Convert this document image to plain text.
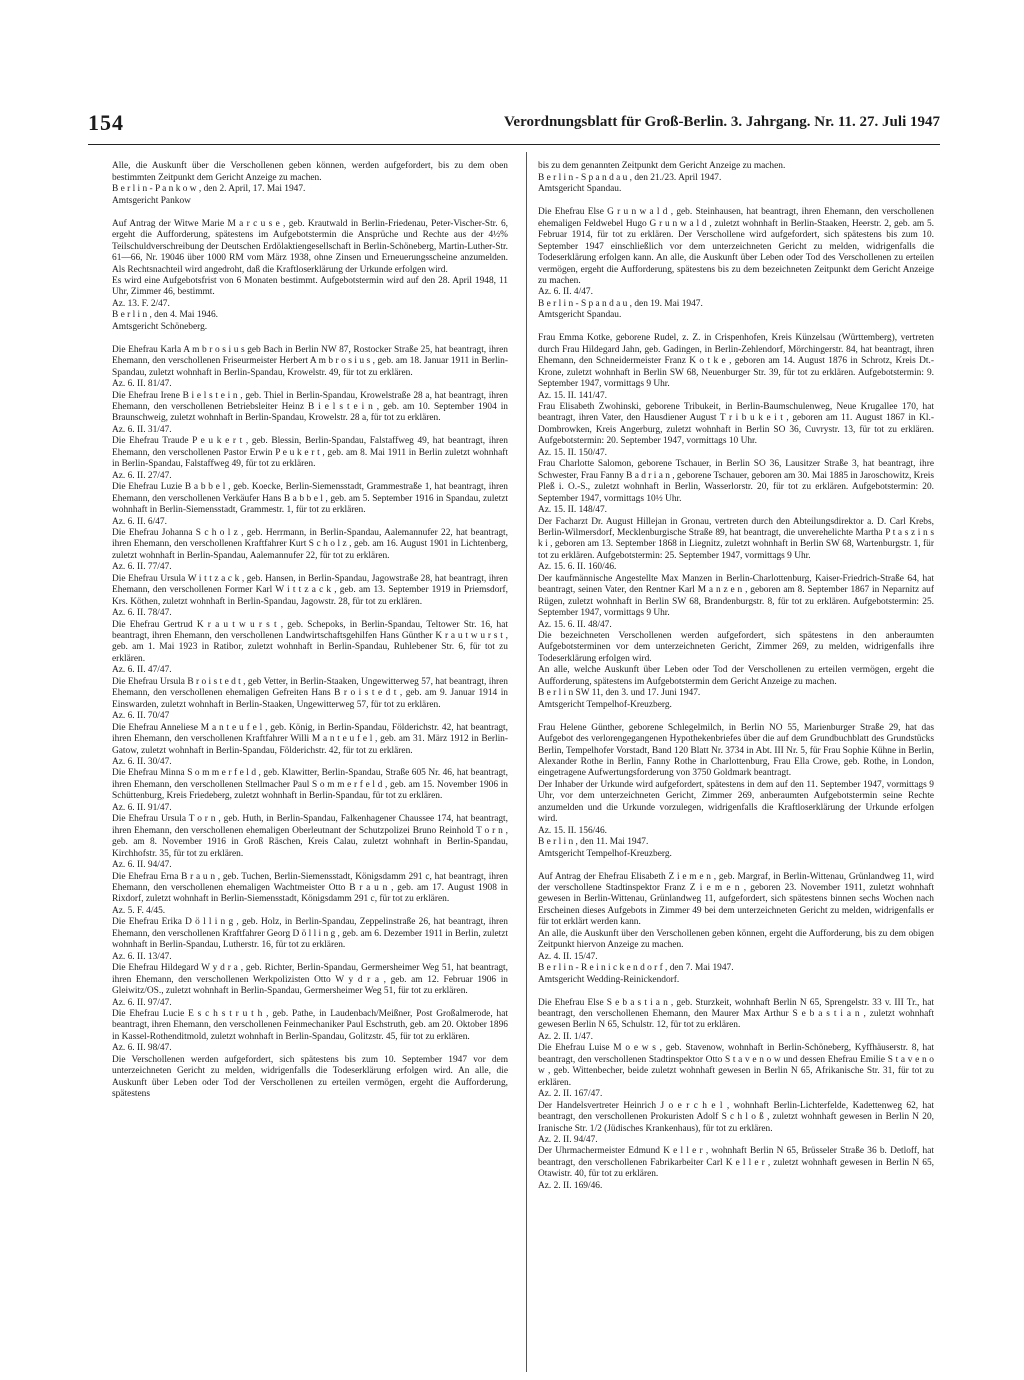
154	Verordnungsblatt für Groß-Berlin. 3. Jahrgang. Nr. 11. 27. Juli 1947

Alle, die Auskunft über die Verschollenen geben können, werden aufgefordert, bis zu dem oben bestimmten Zeitpunkt dem Gericht Anzeige zu machen.
B e r l i n - P a n k o w , den 2. April, 17. Mai 1947.
Amtsgericht Pankow

Auf Antrag der Witwe Marie M a r c u s e , geb. Krautwald in Berlin-Friedenau, Peter-Vischer-Str. 6, ergeht die Aufforderung, spätestens im Aufgebotstermin die Ansprüche und Rechte aus der 4½% Teilschuldverschreibung der Deutschen Erdölaktiengesellschaft in Berlin-Schöneberg, Martin-Luther-Str. 61—66, Nr. 19046 über 1000 RM vom März 1938, ohne Zinsen und Erneuerungsscheine anzumelden. Als Rechtsnachteil wird angedroht, daß die Kraftloserklärung der Urkunde erfolgen wird.
Es wird eine Aufgebotsfrist von 6 Monaten bestimmt. Aufgebotstermin wird auf den 28. April 1948, 11 Uhr, Zimmer 46, bestimmt.
Az. 13. F. 2/47.
B e r l i n , den 4. Mai 1946.
Amtsgericht Schöneberg.

Die Ehefrau Karla A m b r o s i u s geb Bach in Berlin NW 87, Rostocker Straße 25, hat beantragt, ihren Ehemann, den verschollenen Friseurmeister Herbert A m b r o s i u s , geb. am 18. Januar 1911 in Berlin-Spandau, zuletzt wohnhaft in Berlin-Spandau, Krowelstr. 49, für tot zu erklären.
Az. 6. II. 81/47.
Die Ehefrau Irene B i e l s t e i n , geb. Thiel in Berlin-Spandau, Krowelstraße 28 a, hat beantragt, ihren Ehemann, den verschollenen Betriebsleiter Heinz B i e l s t e i n , geb. am 10. September 1904 in Braunschweig, zuletzt wohnhaft in Berlin-Spandau, Krowelstr. 28 a, für tot zu erklären.
Az. 6. II. 31/47.
Die Ehefrau Traude P e u k e r t , geb. Blessin, Berlin-Spandau, Falstaffweg 49, hat beantragt, ihren Ehemann, den verschollenen Pastor Erwin P e u k e r t , geb. am 8. Mai 1911 in Berlin zuletzt wohnhaft in Berlin-Spandau, Falstaffweg 49, für tot zu erklären.
Az. 6. II. 27/47.
Die Ehefrau Luzie B a b b e l , geb. Koecke, Berlin-Siemensstadt, Grammestraße 1, hat beantragt, ihren Ehemann, den verschollenen Verkäufer Hans B a b b e l , geb. am 5. September 1916 in Spandau, zuletzt wohnhaft in Berlin-Siemensstadt, Grammestr. 1, für tot zu erklären.
Az. 6. II. 6/47.
Die Ehefrau Johanna S c h o l z , geb. Herrmann, in Berlin-Spandau, Aalemannufer 22, hat beantragt, ihren Ehemann, den verschollenen Kraftfahrer Kurt S c h o l z , geb. am 16. August 1901 in Lichtenberg, zuletzt wohnhaft in Berlin-Spandau, Aalemannufer 22, für tot zu erklären.
Az. 6. II. 77/47.
Die Ehefrau Ursula W i t t z a c k , geb. Hansen, in Berlin-Spandau, Jagowstraße 28, hat beantragt, ihren Ehemann, den verschollenen Former Karl W i t t z a c k , geb. am 13. September 1919 in Priemsdorf, Krs. Köthen, zuletzt wohnhaft in Berlin-Spandau, Jagowstr. 28, für tot zu erklären.
Az. 6. II. 78/47.
Die Ehefrau Gertrud K r a u t w u r s t , geb. Schepoks, in Berlin-Spandau, Teltower Str. 16, hat beantragt, ihren Ehemann, den verschollenen Landwirtschaftsgehilfen Hans Günther K r a u t w u r s t , geb. am 1. Mai 1923 in Ratibor, zuletzt wohnhaft in Berlin-Spandau, Ruhlebener Str. 6, für tot zu erklären.
Az. 6. II. 47/47.
Die Ehefrau Ursula B r o i s t e d t , geb Vetter, in Berlin-Staaken, Ungewitterweg 57, hat beantragt, ihren Ehemann, den verschollenen ehemaligen Gefreiten Hans B r o i s t e d t , geb. am 9. Januar 1914 in Einswarden, zuletzt wohnhaft in Berlin-Staaken, Ungewitterweg 57, für tot zu erklären.
Az. 6. II. 70/47
Die Ehefrau Anneliese M a n t e u f e l , geb. König, in Berlin-Spandau, Földerichstr. 42, hat beantragt, ihren Ehemann, den verschollenen Kraftfahrer Willi M a n t e u f e l , geb. am 31. März 1912 in Berlin-Gatow, zuletzt wohnhaft in Berlin-Spandau, Földerichstr. 42, für tot zu erklären.
Az. 6. II. 30/47.
Die Ehefrau Minna S o m m e r f e l d , geb. Klawitter, Berlin-Spandau, Straße 605 Nr. 46, hat beantragt, ihren Ehemann, den verschollenen Stellmacher Paul S o m m e r f e l d , geb. am 15. November 1906 in Schüttenburg, Kreis Friedeberg, zuletzt wohnhaft in Berlin-Spandau, für tot zu erklären.
Az. 6. II. 91/47.
Die Ehefrau Ursula T o r n , geb. Huth, in Berlin-Spandau, Falkenhagener Chaussee 174, hat beantragt, ihren Ehemann, den verschollenen ehemaligen Oberleutnant der Schutzpolizei Bruno Reinhold T o r n , geb. am 8. November 1916 in Groß Räschen, Kreis Calau, zuletzt wohnhaft in Berlin-Spandau, Kirchhofstr. 35, für tot zu erklären.
Az. 6. II. 94/47.
Die Ehefrau Erna B r a u n , geb. Tuchen, Berlin-Siemensstadt, Königsdamm 291 c, hat beantragt, ihren Ehemann, den verschollenen ehemaligen Wachtmeister Otto B r a u n , geb. am 17. August 1908 in Rixdorf, zuletzt wohnhaft in Berlin-Siemensstadt, Königsdamm 291 c, für tot zu erklären.
Az. 5. F. 4/45.
Die Ehefrau Erika D ö l l i n g , geb. Holz, in Berlin-Spandau, Zeppelinstraße 26, hat beantragt, ihren Ehemann, den verschollenen Kraftfahrer Georg D ö l l i n g , geb. am 6. Dezember 1911 in Berlin, zuletzt wohnhaft in Berlin-Spandau, Lutherstr. 16, für tot zu erklären.
Az. 6. II. 13/47.
Die Ehefrau Hildegard W y d r a , geb. Richter, Berlin-Spandau, Germersheimer Weg 51, hat beantragt, ihren Ehemann, den verschollenen Werkpolizisten Otto W y d r a , geb. am 12. Februar 1906 in Gleiwitz/OS., zuletzt wohnhaft in Berlin-Spandau, Germersheimer Weg 51, für tot zu erklären.
Az. 6. II. 97/47.
Die Ehefrau Lucie E s c h s t r u t h , geb. Pathe, in Laudenbach/Meißner, Post Großalmerode, hat beantragt, ihren Ehemann, den verschollenen Feinmechaniker Paul Eschstruth, geb. am 20. Oktober 1896 in Kassel-Rothenditmold, zuletzt wohnhaft in Berlin-Spandau, Golitzstr. 45, für tot zu erklären.
Az. 6. II. 98/47.
Die Verschollenen werden aufgefordert, sich spätestens bis zum 10. September 1947 vor dem unterzeichneten Gericht zu melden, widrigenfalls die Todeserklärung erfolgen wird. An alle, die Auskunft über Leben oder Tod der Verschollenen zu erteilen vermögen, ergeht die Aufforderung, spätestens

bis zu dem genannten Zeitpunkt dem Gericht Anzeige zu machen.
B e r l i n - S p a n d a u , den 21./23. April 1947.
Amtsgericht Spandau.

Die Ehefrau Else G r u n w a l d , geb. Steinhausen, hat beantragt, ihren Ehemann, den verschollenen ehemaligen Feldwebel Hugo G r u n w a l d , zuletzt wohnhaft in Berlin-Staaken, Heerstr. 2, geb. am 5. Februar 1914, für tot zu erklären. Der Verschollene wird aufgefordert, sich spätestens bis zum 10. September 1947 einschließlich vor dem unterzeichneten Gericht zu melden, widrigenfalls die Todeserklärung erfolgen kann. An alle, die Auskunft über Leben oder Tod des Verschollenen zu erteilen vermögen, ergeht die Aufforderung, spätestens bis zu dem bezeichneten Zeitpunkt dem Gericht Anzeige zu machen.
Az. 6. II. 4/47.
B e r l i n - S p a n d a u , den 19. Mai 1947.
Amtsgericht Spandau.

Frau Emma Kotke, geborene Rudel, z. Z. in Crispenhofen, Kreis Künzelsau (Württemberg), vertreten durch Frau Hildegard Jahn, geb. Gadingen, in Berlin-Zehlendorf, Mörchingerstr. 84, hat beantragt, ihren Ehemann, den Schneidermeister Franz K o t k e , geboren am 14. August 1876 in Schrotz, Kreis Dt.-Krone, zuletzt wohnhaft in Berlin SW 68, Neuenburger Str. 39, für tot zu erklären. Aufgebotstermin: 9. September 1947, vormittags 9 Uhr.
Az. 15. II. 141/47.
Frau Elisabeth Zwohinski, geborene Tribukeit, in Berlin-Baumschulenweg, Neue Krugallee 170, hat beantragt, ihren Vater, den Hausdiener August T r i b u k e i t , geboren am 11. August 1867 in Kl.-Dombrowken, Kreis Angerburg, zuletzt wohnhaft in Berlin SO 36, Cuvrystr. 13, für tot zu erklären. Aufgebotstermin: 20. September 1947, vormittags 10 Uhr.
Az. 15. II. 150/47.
Frau Charlotte Salomon, geborene Tschauer, in Berlin SO 36, Lausitzer Straße 3, hat beantragt, ihre Schwester, Frau Fanny B a d r i a n , geborene Tschauer, geboren am 30. Mai 1885 in Jaroschowitz, Kreis Pleß i. O.-S., zuletzt wohnhaft in Berlin, Wasserlorstr. 20, für tot zu erklären. Aufgebotstermin: 20. September 1947, vormittags 10½ Uhr.
Az. 15. II. 148/47.
Der Facharzt Dr. August Hillejan in Gronau, vertreten durch den Abteilungsdirektor a. D. Carl Krebs, Berlin-Wilmersdorf, Mecklenburgische Straße 89, hat beantragt, die unverehelichte Martha P t a s z i n s k i , geboren am 13. September 1868 in Liegnitz, zuletzt wohnhaft in Berlin SW 68, Wartenburgstr. 1, für tot zu erklären. Aufgebotstermin: 25. September 1947, vormittags 9 Uhr.
Az. 15. 6. II. 160/46.
Der kaufmännische Angestellte Max Manzen in Berlin-Charlottenburg, Kaiser-Friedrich-Straße 64, hat beantragt, seinen Vater, den Rentner Karl M a n z e n , geboren am 8. September 1867 in Neparnitz auf Rügen, zuletzt wohnhaft in Berlin SW 68, Brandenburgstr. 8, für tot zu erklären. Aufgebotstermin: 25. September 1947, vormittags 9 Uhr.
Az. 15. 6. II. 48/47.
Die bezeichneten Verschollenen werden aufgefordert, sich spätestens in den anberaumten Aufgebotsterminen vor dem unterzeichneten Gericht, Zimmer 269, zu melden, widrigenfalls ihre Todeserklärung erfolgen wird.
An alle, welche Auskunft über Leben oder Tod der Verschollenen zu erteilen vermögen, ergeht die Aufforderung, spätestens im Aufgebotstermin dem Gericht Anzeige zu machen.
B e r l i n SW 11, den 3. und 17. Juni 1947.
Amtsgericht Tempelhof-Kreuzberg.

Frau Helene Günther, geborene Schlegelmilch, in Berlin NO 55, Marienburger Straße 29, hat das Aufgebot des verlorengegangenen Hypothekenbriefes über die auf dem Grundbuchblatt des Grundstücks Berlin, Tempelhofer Vorstadt, Band 120 Blatt Nr. 3734 in Abt. III Nr. 5, für Frau Sophie Kühne in Berlin, Alexander Rothe in Berlin, Fanny Rothe in Charlottenburg, Frau Ella Crowe, geb. Rothe, in London, eingetragene Aufwertungsforderung von 3750 Goldmark beantragt.
Der Inhaber der Urkunde wird aufgefordert, spätestens in dem auf den 11. September 1947, vormittags 9 Uhr, vor dem unterzeichneten Gericht, Zimmer 269, anberaumten Aufgebotstermin seine Rechte anzumelden und die Urkunde vorzulegen, widrigenfalls die Kraftloserklärung der Urkunde erfolgen wird.
Az. 15. II. 156/46.
B e r l i n , den 11. Mai 1947.
Amtsgericht Tempelhof-Kreuzberg.

Auf Antrag der Ehefrau Elisabeth Z i e m e n , geb. Margraf, in Berlin-Wittenau, Grünlandweg 11, wird der verschollene Stadtinspektor Franz Z i e m e n , geboren 23. November 1911, zuletzt wohnhaft gewesen in Berlin-Wittenau, Grünlandweg 11, aufgefordert, sich spätestens binnen sechs Wochen nach Erscheinen dieses Aufgebots in Zimmer 49 bei dem unterzeichneten Gericht zu melden, widrigenfalls er für tot erklärt werden kann.
An alle, die Auskunft über den Verschollenen geben können, ergeht die Aufforderung, bis zu dem obigen Zeitpunkt hiervon Anzeige zu machen.
Az. 4. II. 15/47.
B e r l i n - R e i n i c k e n d o r f , den 7. Mai 1947.
Amtsgericht Wedding-Reinickendorf.

Die Ehefrau Else S e b a s t i a n , geb. Sturzkeit, wohnhaft Berlin N 65, Sprengelstr. 33 v. III Tr., hat beantragt, den verschollenen Ehemann, den Maurer Max Arthur S e b a s t i a n , zuletzt wohnhaft gewesen Berlin N 65, Schulstr. 12, für tot zu erklären.
Az. 2. II. 1/47.
Die Ehefrau Luise M o e w s , geb. Stavenow, wohnhaft in Berlin-Schöneberg, Kyffhäuserstr. 8, hat beantragt, den verschollenen Stadtinspektor Otto S t a v e n o w und dessen Ehefrau Emilie S t a v e n o w , geb. Wittenbecher, beide zuletzt wohnhaft gewesen in Berlin N 65, Afrikanische Str. 31, für tot zu erklären.
Az. 2. II. 167/47.
Der Handelsvertreter Heinrich J o e r c h e l , wohnhaft Berlin-Lichterfelde, Kadettenweg 62, hat beantragt, den verschollenen Prokuristen Adolf S c h l o ß , zuletzt wohnhaft gewesen in Berlin N 20, Iranische Str. 1/2 (Jüdisches Krankenhaus), für tot zu erklären.
Az. 2. II. 94/47.
Der Uhrmachermeister Edmund K e l l e r , wohnhaft Berlin N 65, Brüsseler Straße 36 b. Detloff, hat beantragt, den verschollenen Fabrikarbeiter Carl K e l l e r , zuletzt wohnhaft gewesen in Berlin N 65, Otawistr. 40, für tot zu erklären.
Az. 2. II. 169/46.
